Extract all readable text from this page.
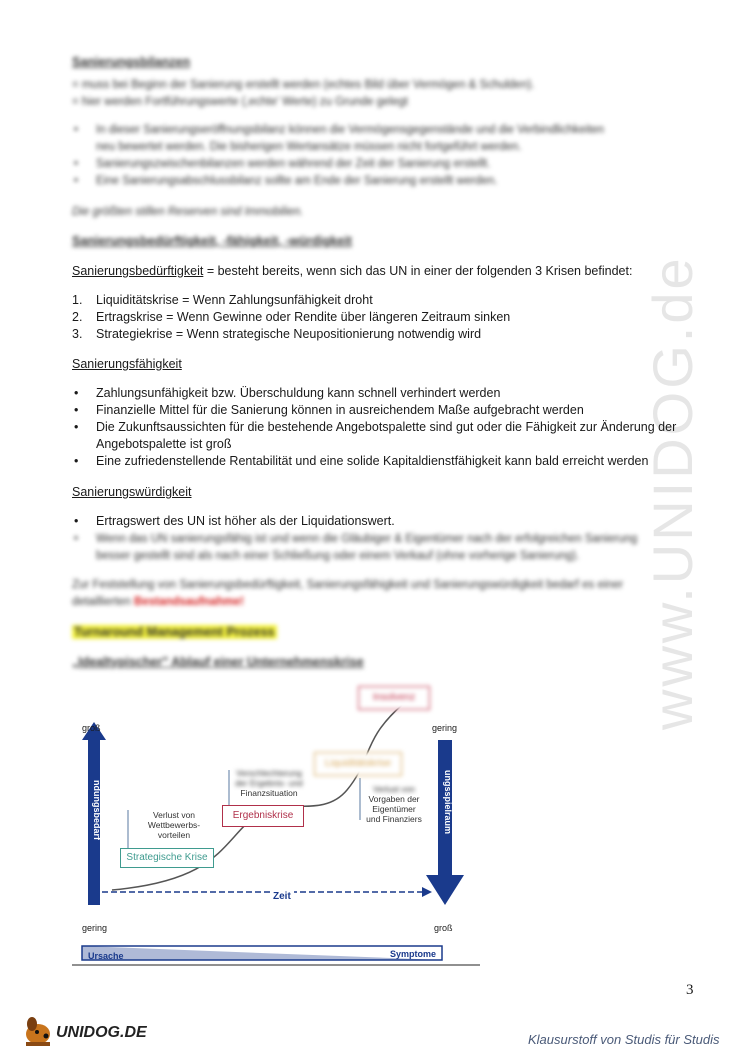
www.UNIDOG.de
Sanierungsbilanzen
= muss bei Beginn der Sanierung erstellt werden (echtes Bild über Vermögen & Schulden).
= hier werden Fortführungswerte (,echte' Werte) zu Grunde gelegt
• In dieser Sanierungseröffnungsbilanz können die Vermögensgegenstände und die Verbindlichkeiten
neu bewertet werden. Die bisherigen Wertansätze müssen nicht fortgeführt werden.
• Sanierungszwischenbilanzen werden während der Zeit der Sanierung erstellt.
• Eine Sanierungsabschlussbilanz sollte am Ende der Sanierung erstellt werden.
Die größten stillen Reserven sind Immobilien.
Sanierungsbedürftigkeit, -fähigkeit, -würdigkeit
Sanierungsbedürftigkeit = besteht bereits, wenn sich das UN in einer der folgenden 3 Krisen befindet:
1. Liquiditätskrise = Wenn Zahlungsunfähigkeit droht
2. Ertragskrise = Wenn Gewinne oder Rendite über längeren Zeitraum sinken
3. Strategiekrise = Wenn strategische Neupositionierung notwendig wird
Sanierungsfähigkeit
• Zahlungsunfähigkeit bzw. Überschuldung kann schnell verhindert werden
• Finanzielle Mittel für die Sanierung können in ausreichendem Maße aufgebracht werden
• Die Zukunftsaussichten für die bestehende Angebotspalette sind gut oder die Fähigkeit zur Änderung der
Angebotspalette ist groß
• Eine zufriedenstellende Rentabilität und eine solide Kapitaldienstfähigkeit kann bald erreicht werden
Sanierungswürdigkeit
• Ertragswert des UN ist höher als der Liquidationswert.
• Wenn das UN sanierungsfähig ist und wenn die Gläubiger & Eigentümer nach der erfolgreichen Sanierung
besser gestellt sind als nach einer Schließung oder einem Verkauf (ohne vorherige Sanierung).
Zur Feststellung von Sanierungsbedürftigkeit, Sanierungsfähigkeit und Sanierungswürdigkeit bedarf es einer
detaillierten Bestandsaufnahme!
Turnaround Management Prozess
„Idealtypischer" Ablauf einer Unternehmenskrise
groß
gering
gering
groß
ndungsbedarf	ungsspielraum
Zeit
Ursache	Symptome
Strategische Krise
Ergebniskrise
Liquiditätskrise
Insolvenz
Verlust von
Wettbewerbs-
vorteilen
Verschlechterung
der Ergebnis- und
Finanzsituation	Verlust von
Vorgaben der
Eigentümer
und Finanziers
3
UNIDOG.DE	Klausurstoff von Studis für Studis
